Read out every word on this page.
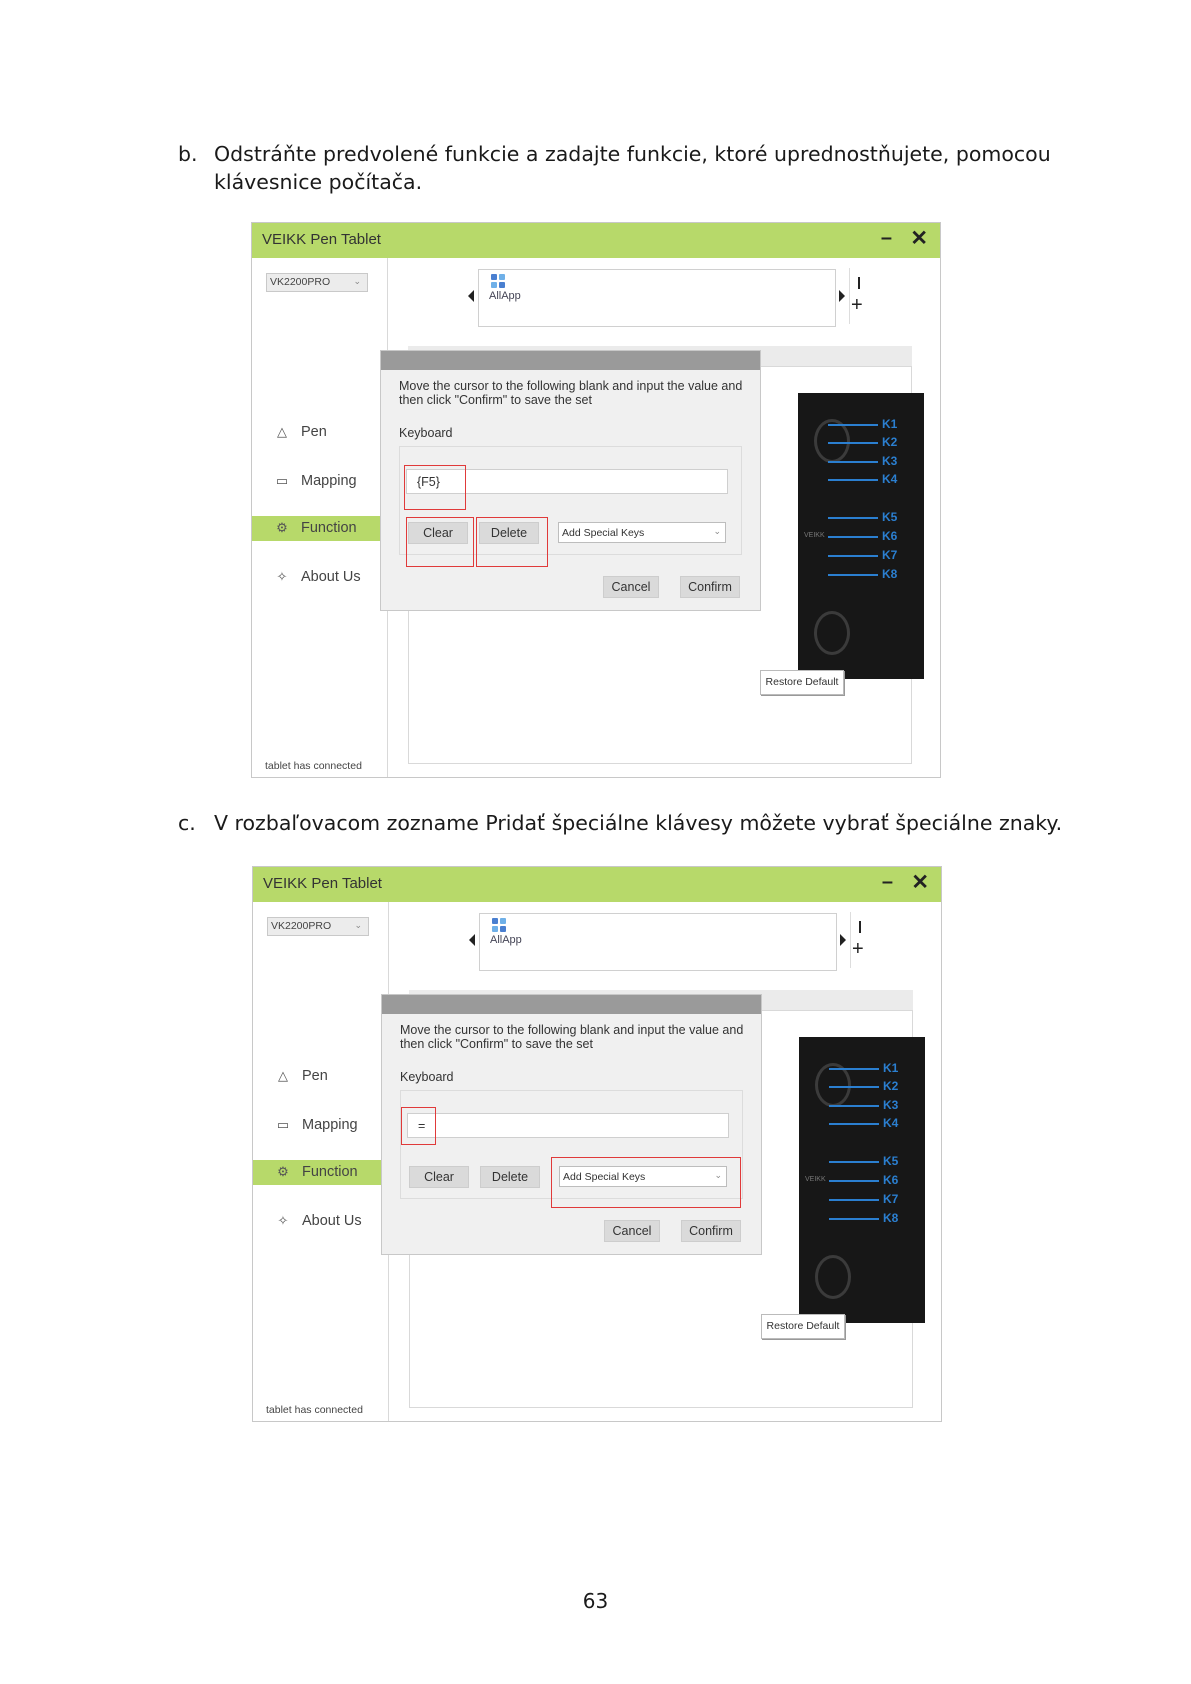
b. Odstráňte predvolené funkcie a zadajte funkcie, ktoré uprednostňujete, pomocou klávesnice počítača.
VEIKK Pen Tablet	– ✕
VK2200PRO	⌄
△ Pen
▭ Mapping
⚙ Function
✧ About Us
tablet has connected
AllApp	+
VEIKK
K1
K2
K3
K4
K5
K6
K7
K8
Restore Default
Move the cursor to the following blank and input the value and then click "Confirm" to save the set
Keyboard
{F5}
Clear	Delete	Add Special Keys	⌄
Cancel	Confirm
c. V rozbaľovacom zozname Pridať špeciálne klávesy môžete vybrať špeciálne znaky.
VEIKK Pen Tablet	– ✕
VK2200PRO	⌄
△ Pen
▭ Mapping
⚙ Function
✧ About Us
tablet has connected
AllApp	+
VEIKK
K1
K2
K3
K4
K5
K6
K7
K8
Restore Default
Move the cursor to the following blank and input the value and then click "Confirm" to save the set
Keyboard
=
Clear	Delete	Add Special Keys	⌄
Cancel	Confirm
63
